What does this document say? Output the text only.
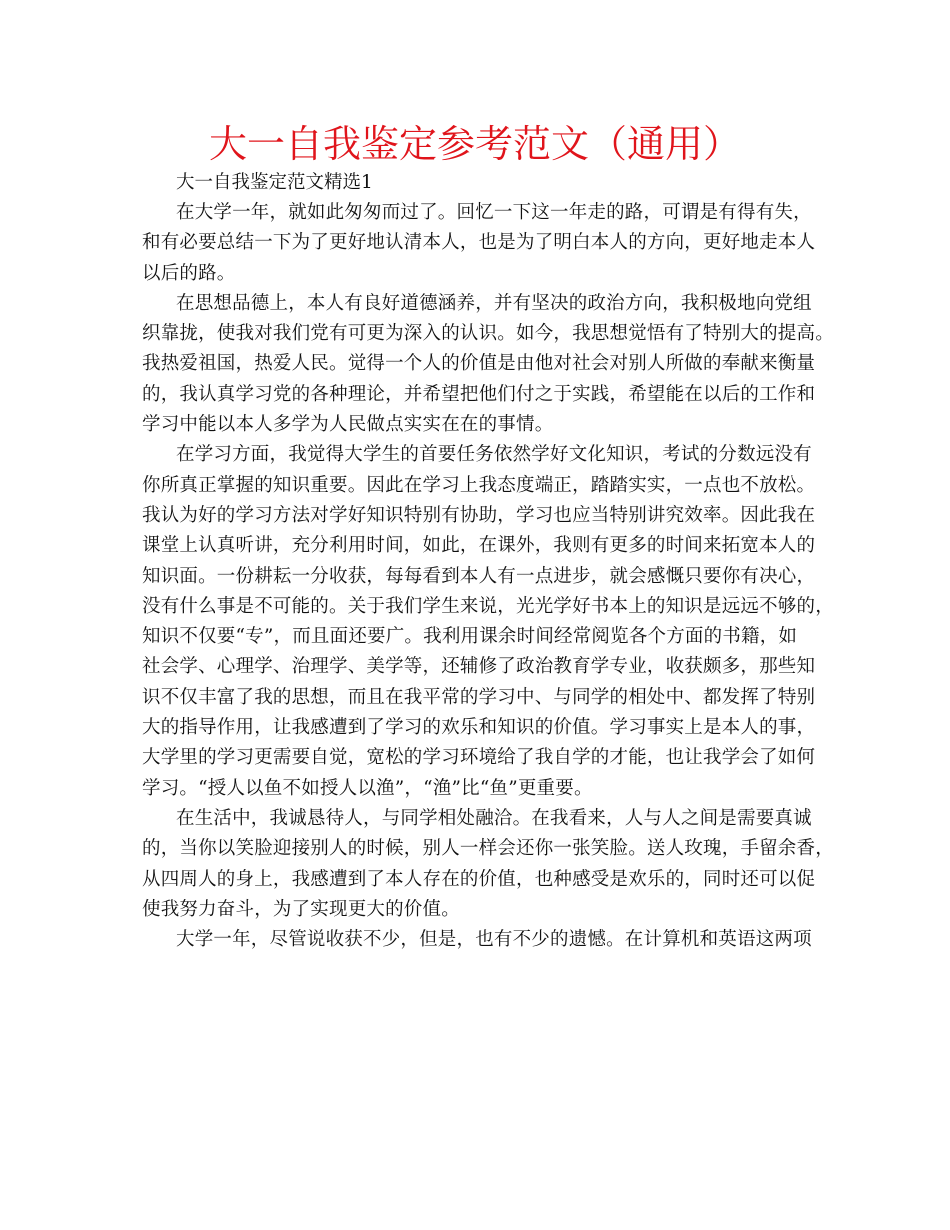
大一自我鉴定参考范文（通用）
大一自我鉴定范文精选1
在大学一年，就如此匆匆而过了。回忆一下这一年走的路，可谓是有得有失，
和有必要总结一下为了更好地认清本人，也是为了明白本人的方向，更好地走本人
以后的路。
在思想品德上，本人有良好道德涵养，并有坚决的政治方向，我积极地向党组
织靠拢，使我对我们党有可更为深入的认识。如今，我思想觉悟有了特别大的提高。
我热爱祖国，热爱人民。觉得一个人的价值是由他对社会对别人所做的奉献来衡量
的，我认真学习党的各种理论，并希望把他们付之于实践，希望能在以后的工作和
学习中能以本人多学为人民做点实实在在的事情。
在学习方面，我觉得大学生的首要任务依然学好文化知识，考试的分数远没有
你所真正掌握的知识重要。因此在学习上我态度端正，踏踏实实，一点也不放松。
我认为好的学习方法对学好知识特别有协助，学习也应当特别讲究效率。因此我在
课堂上认真听讲，充分利用时间，如此，在课外，我则有更多的时间来拓宽本人的
知识面。一份耕耘一分收获，每每看到本人有一点进步，就会感慨只要你有决心，
没有什么事是不可能的。关于我们学生来说，光光学好书本上的知识是远远不够的，
知识不仅要“专”，而且面还要广。我利用课余时间经常阅览各个方面的书籍，如
社会学、心理学、治理学、美学等，还辅修了政治教育学专业，收获颇多，那些知
识不仅丰富了我的思想，而且在我平常的学习中、与同学的相处中、都发挥了特别
大的指导作用，让我感遭到了学习的欢乐和知识的价值。学习事实上是本人的事，
大学里的学习更需要自觉，宽松的学习环境给了我自学的才能，也让我学会了如何
学习。“授人以鱼不如授人以渔”，“渔”比“鱼”更重要。
在生活中，我诚恳待人，与同学相处融洽。在我看来，人与人之间是需要真诚
的，当你以笑脸迎接别人的时候，别人一样会还你一张笑脸。送人玫瑰，手留余香，
从四周人的身上，我感遭到了本人存在的价值，也种感受是欢乐的，同时还可以促
使我努力奋斗，为了实现更大的价值。
大学一年，尽管说收获不少，但是，也有不少的遗憾。在计算机和英语这两项
